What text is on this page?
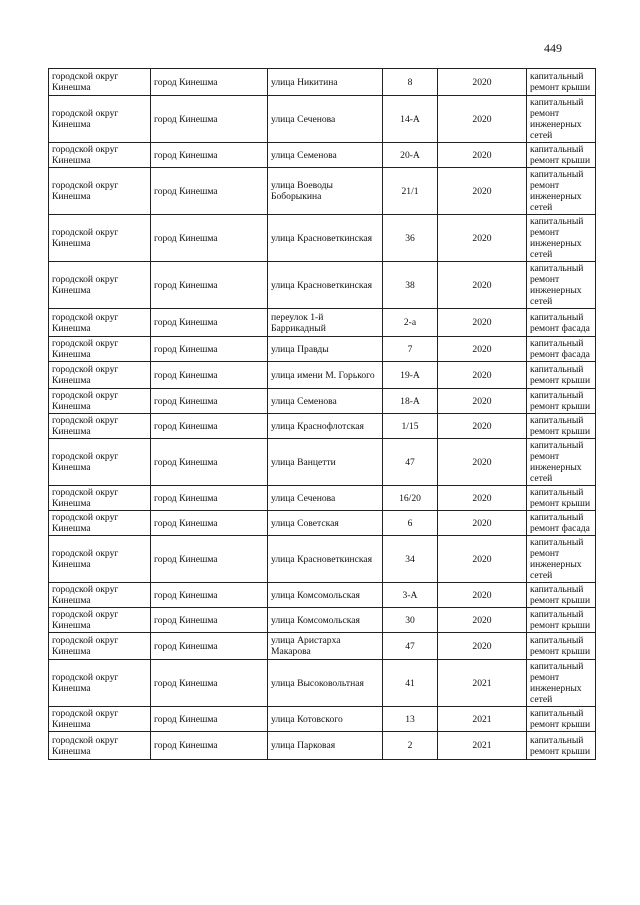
449
городской округ Кинешма	город Кинешма	улица Никитина	8	2020	капитальный ремонт крыши
городской округ Кинешма	город Кинешма	улица Сеченова	14-А	2020	капитальный ремонт инженерных сетей
городской округ Кинешма	город Кинешма	улица Семенова	20-А	2020	капитальный ремонт крыши
городской округ Кинешма	город Кинешма	улица Воеводы Боборыкина	21/1	2020	капитальный ремонт инженерных сетей
городской округ Кинешма	город Кинешма	улица Красноветкинская	36	2020	капитальный ремонт инженерных сетей
городской округ Кинешма	город Кинешма	улица Красноветкинская	38	2020	капитальный ремонт инженерных сетей
городской округ Кинешма	город Кинешма	переулок 1-й Баррикадный	2-а	2020	капитальный ремонт фасада
городской округ Кинешма	город Кинешма	улица Правды	7	2020	капитальный ремонт фасада
городской округ Кинешма	город Кинешма	улица имени М. Горького	19-А	2020	капитальный ремонт крыши
городской округ Кинешма	город Кинешма	улица Семенова	18-А	2020	капитальный ремонт крыши
городской округ Кинешма	город Кинешма	улица Краснофлотская	1/15	2020	капитальный ремонт крыши
городской округ Кинешма	город Кинешма	улица Ванцетти	47	2020	капитальный ремонт инженерных сетей
городской округ Кинешма	город Кинешма	улица Сеченова	16/20	2020	капитальный ремонт крыши
городской округ Кинешма	город Кинешма	улица Советская	6	2020	капитальный ремонт фасада
городской округ Кинешма	город Кинешма	улица Красноветкинская	34	2020	капитальный ремонт инженерных сетей
городской округ Кинешма	город Кинешма	улица Комсомольская	3-А	2020	капитальный ремонт крыши
городской округ Кинешма	город Кинешма	улица Комсомольская	30	2020	капитальный ремонт крыши
городской округ Кинешма	город Кинешма	улица Аристарха Макарова	47	2020	капитальный ремонт крыши
городской округ Кинешма	город Кинешма	улица Высоковольтная	41	2021	капитальный ремонт инженерных сетей
городской округ Кинешма	город Кинешма	улица Котовского	13	2021	капитальный ремонт крыши
городской округ Кинешма	город Кинешма	улица Парковая	2	2021	капитальный ремонт крыши
